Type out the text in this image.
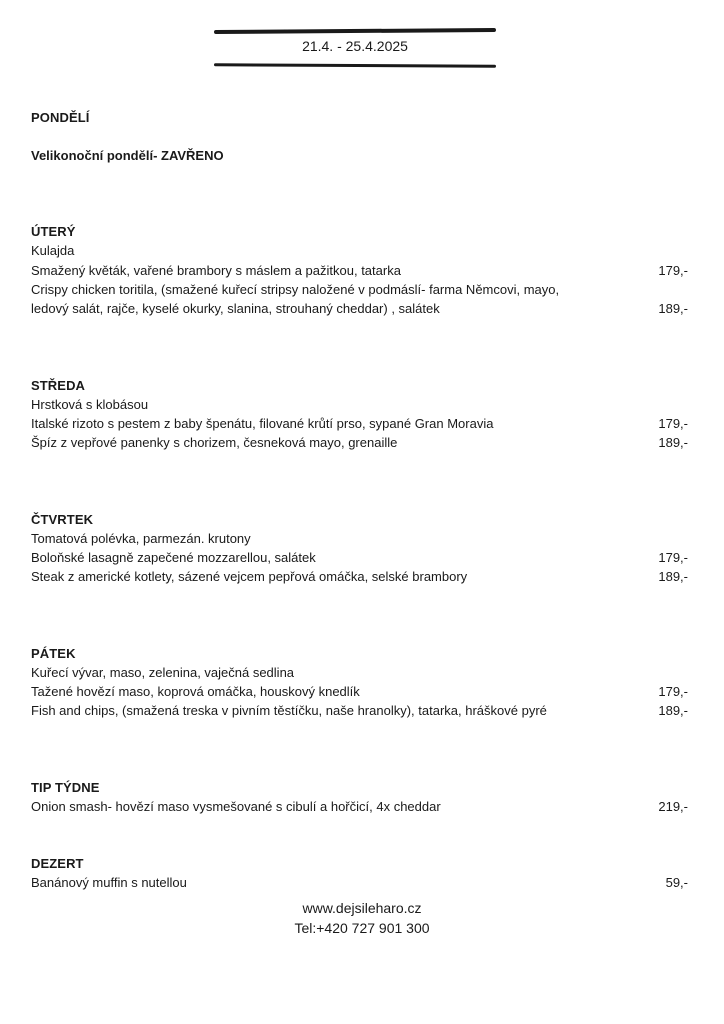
21.4. - 25.4.2025
PONDĚLÍ
Velikonoční pondělí- ZAVŘENO
ÚTERÝ
Kulajda
Smažený květák, vařené brambory s máslem a pažitkou, tatarka	179,-
Crispy chicken toritila, (smažené kuřecí stripsy naložené v podmáslí- farma Němcovi, mayo,
ledový salát, rajče, kyselé okurky, slanina, strouhaný cheddar) , salátek	189,-
STŘEDA
Hrstková s klobásou
Italské rizoto s pestem z baby špenátu, filované krůtí prso, sypané Gran Moravia	179,-
Špíz z vepřové panenky s chorizem, česneková mayo, grenaille	189,-
ČTVRTEK
Tomatová polévka, parmezán. krutony
Boloňské lasagně zapečené mozzarellou, salátek	179,-
Steak z americké kotlety, sázené vejcem pepřová omáčka, selské brambory	189,-
PÁTEK
Kuřecí vývar, maso, zelenina, vaječná sedlina
Tažené hovězí maso, koprová omáčka, houskový knedlík	179,-
Fish and chips, (smažená treska v pivním těstíčku, naše hranolky), tatarka, hráškové pyré	189,-
TIP TÝDNE
Onion smash- hovězí maso vysmešované s cibulí a hořčicí, 4x cheddar	219,-
DEZERT
Banánový muffin s nutellou	59,-
www.dejsileharo.cz
Tel:+420 727 901 300
